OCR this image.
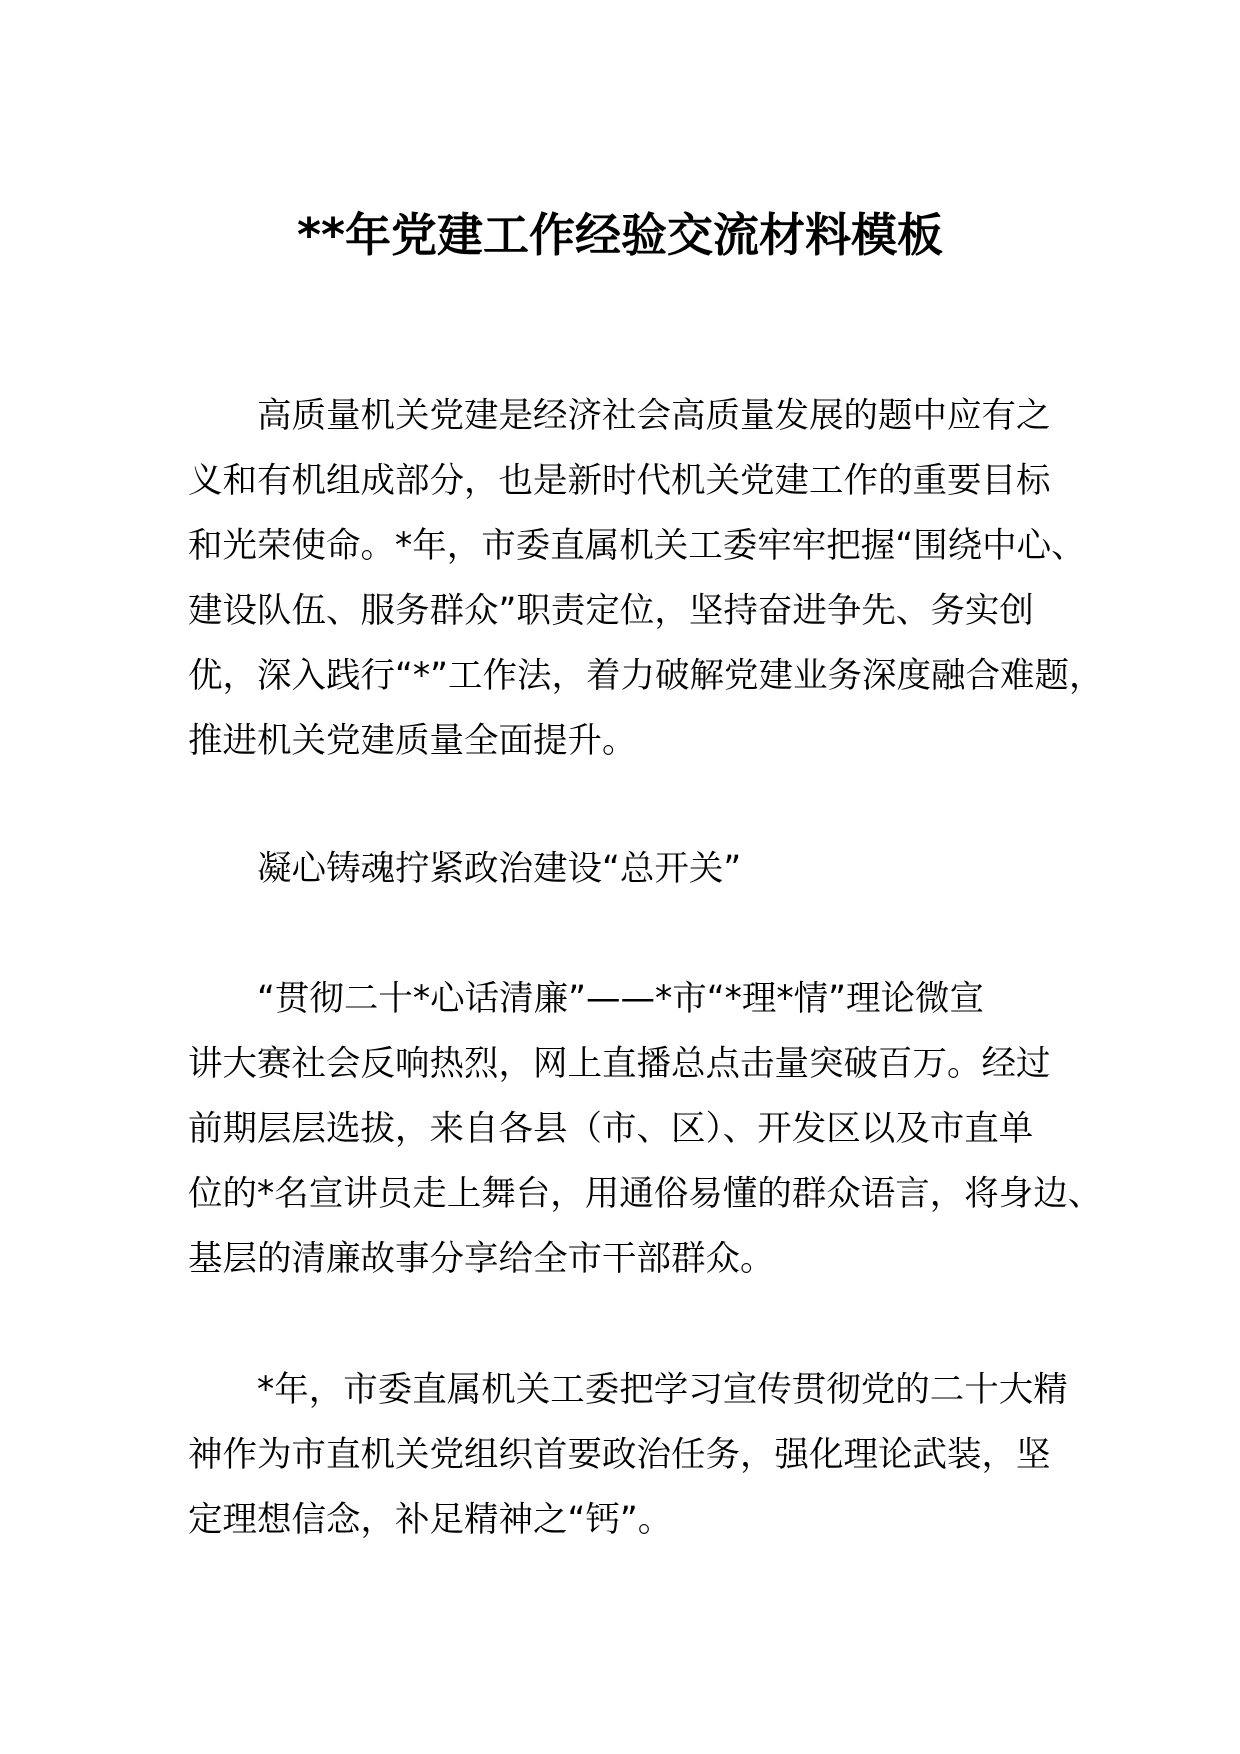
**年党建工作经验交流材料模板
高质量机关党建是经济社会高质量发展的题中应有之
义和有机组成部分，也是新时代机关党建工作的重要目标
和光荣使命。*年，市委直属机关工委牢牢把握“围绕中心、
建设队伍、服务群众”职责定位，坚持奋进争先、务实创
优，深入践行“*”工作法，着力破解党建业务深度融合难题，
推进机关党建质量全面提升。
凝心铸魂拧紧政治建设“总开关”
“贯彻二十*心话清廉”——*市“*理*情”理论微宣
讲大赛社会反响热烈，网上直播总点击量突破百万。经过
前期层层选拔，来自各县（市、区）、开发区以及市直单
位的*名宣讲员走上舞台，用通俗易懂的群众语言，将身边、
基层的清廉故事分享给全市干部群众。
*年，市委直属机关工委把学习宣传贯彻党的二十大精
神作为市直机关党组织首要政治任务，强化理论武装，坚
定理想信念，补足精神之“钙”。
